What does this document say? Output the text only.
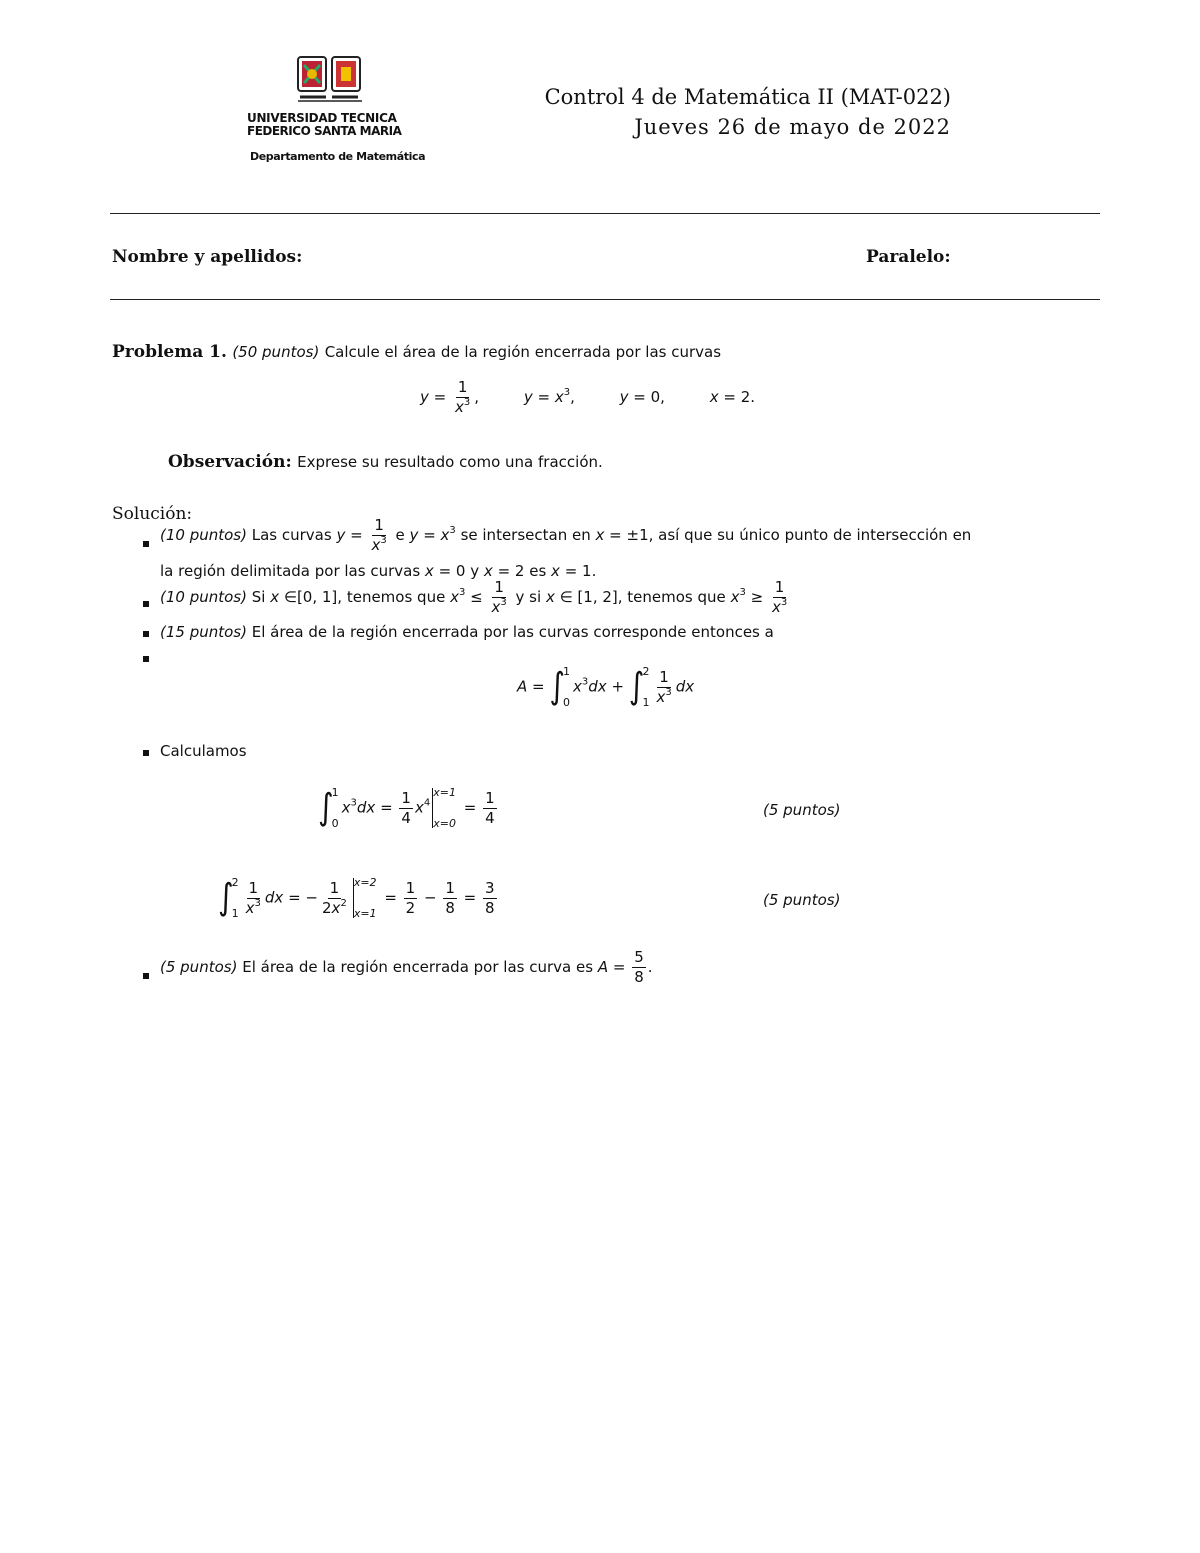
UNIVERSIDAD TECNICA
FEDERICO SANTA MARIA
Departamento de Matemática
Control 4 de Matemática II (MAT-022)
Jueves 26 de mayo de 2022
Nombre y apellidos:	Paralelo:
Problema 1. (50 puntos) Calcule el área de la región encerrada por las curvas
$y = \frac{1}{x^3}$ ,	$y = x^3$,	y = 0,	x = 2.
Observación: Exprese su resultado como una fracción.
Solución:
(10 puntos) Las curvas $y = \frac{1}{x^3}$ e $y = x^3$ se intersectan en x = ±1, así que su único punto de intersección en
la región delimitada por las curvas x = 0 y x = 2 es x = 1.
(10 puntos) Si x ∈[0, 1], tenemos que $x^3 \le \frac{1}{x^3}$ y si x ∈ [1, 2], tenemos que $x^3 \ge \frac{1}{x^3}$
(15 puntos) El área de la región encerrada por las curvas corresponde entonces a
A = ∫
1
0
$x^3dx$ + ∫
2
$1 \frac{1}{x^3}$ dx
Calculamos
∫
1
0
$x^3dx = \frac{1}{4} x^4$
x=1
x=0
= $\frac{1}{4}$	(5 puntos)
∫
2
$1 \frac{1}{x^3}$ dx = − $\frac{1}{2x^2} x=2$
x=1
= $\frac{1}{2} - \frac{1}{8} = \frac{3}{8}$	(5 puntos)
(5 puntos) El área de la región encerrada por las curva es $A = \frac{5}{8}$ .
